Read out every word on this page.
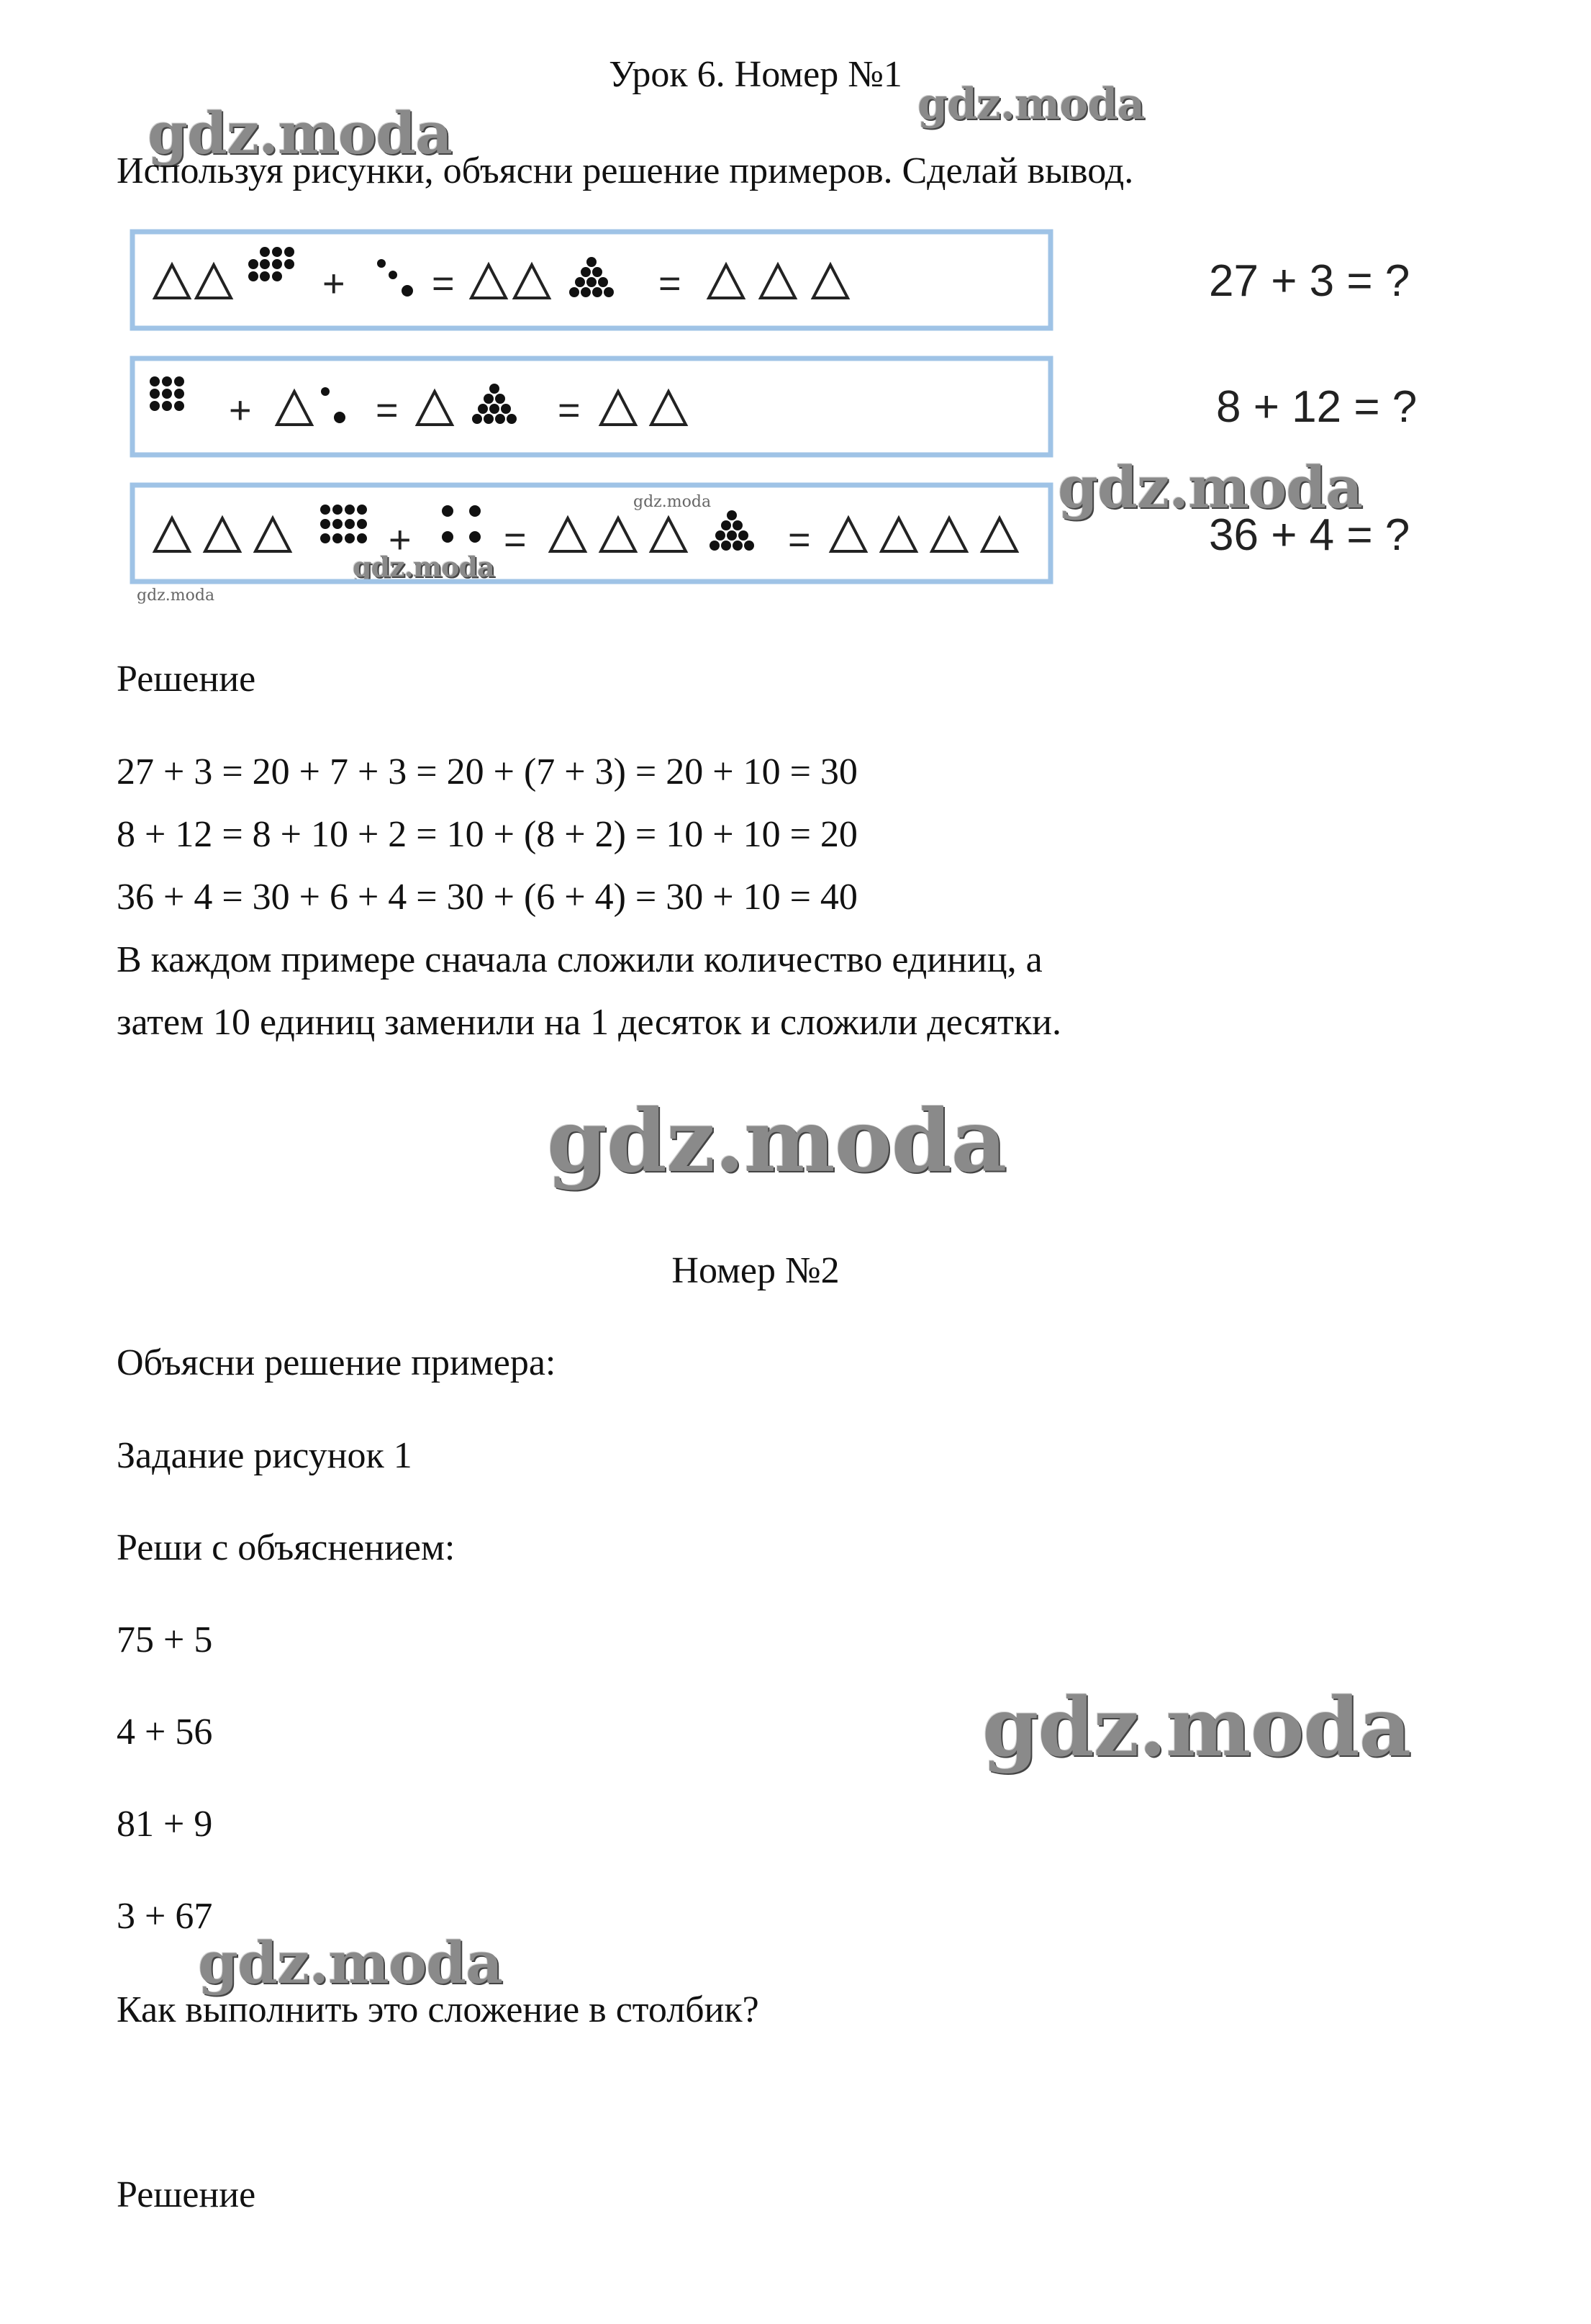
Урок 6. Номер №1
gdz.moda	gdz.moda
gdz.moda
gdz.moda
gdz.moda
gdz.moda
gdz.moda
gdz.moda
gdz.moda
Используя рисунки, объясни решение примеров. Сделай вывод.
+ =	=
+	=	=
+ =	=
27 + 3 = ?
8 + 12 = ?
36 + 4 = ?
Решение
27 + 3 = 20 + 7 + 3 = 20 + (7 + 3) = 20 + 10 = 30
8 + 12 = 8 + 10 + 2 = 10 + (8 + 2) = 10 + 10 = 20
36 + 4 = 30 + 6 + 4 = 30 + (6 + 4) = 30 + 10 = 40
В каждом примере сначала сложили количество единиц, а
затем 10 единиц заменили на 1 десяток и сложили десятки.
Номер №2
Объясни решение примера:
Задание рисунок 1
Реши с объяснением:
75 + 5
4 + 56
81 + 9
3 + 67
Как выполнить это сложение в столбик?
Решение
